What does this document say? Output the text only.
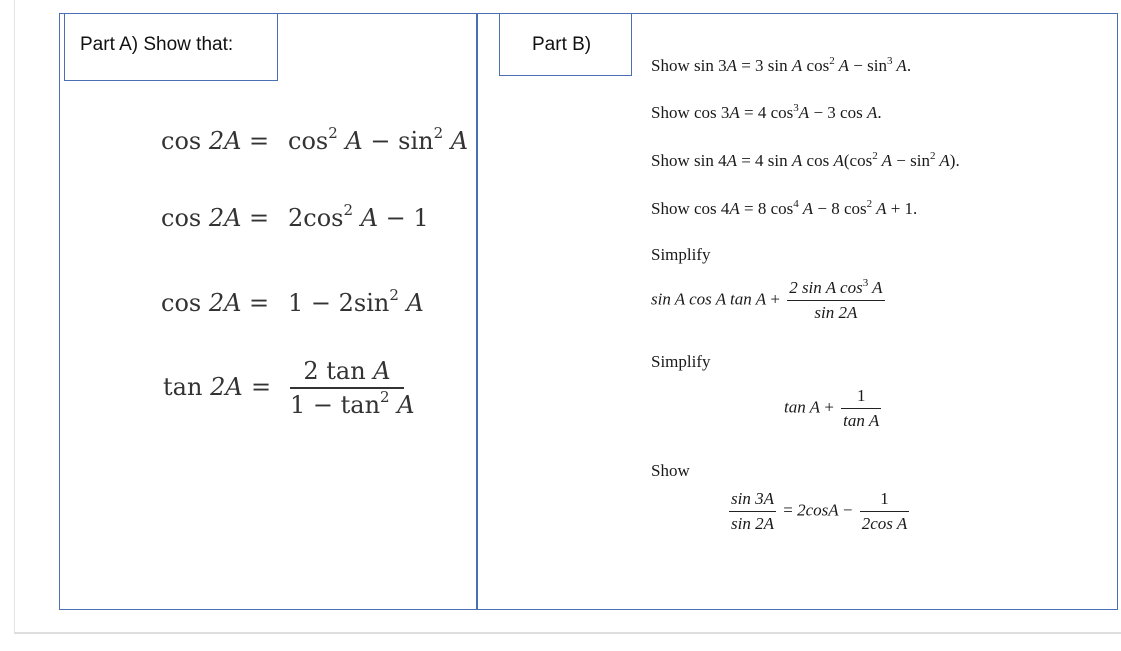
Part A) Show that:	Part B)
$\cos 2A = \cos^2 A - \sin^2 A$
$\cos 2A = 2\cos^2$ A − 1
$\cos 2A = 1 - 2\sin^2$ A
tan 2A =
2 tan A
$1 - \tan^2 A$
Show sin 3A = 3 sin A $\cos^2 A - \sin^3 A$.
Show cos 3A = 4 $\cos^3A - 3$ cos A.
Show sin 4A = 4 sin A $\cos A(\cos^2$ $A - \sin^2 A$).
Show cos 4A = 8 $\cos^4 A - 8$ $\cos^2 A + 1$.
Simplify
sin A cos A $\tan A + \frac{2 \sin A \cos^3 A}{\sin 2A}$
Simplify
$\tan A + \frac{1}{\text{tan A}}$
Show
$\frac{\sin 3A}{\sin 2A} = 2\cos A - \frac{1}{\text{2cos A}}$
